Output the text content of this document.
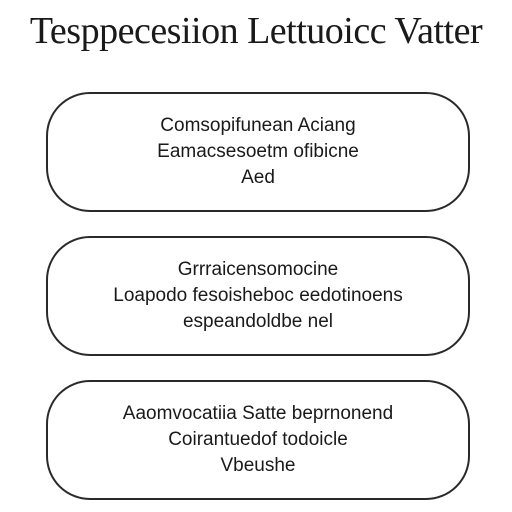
Tesppecesiion Lettuoicc Vatter
Comsopifunean Aciang
Eamacsesoetm ofibicne
Aed
Grrraicensomocine
Loapodo fesoisheboc eedotinoens
espeandoldbe nel
Aaomvocatiia Satte beprnonend
Coirantuedof todoicle
Vbeushe
